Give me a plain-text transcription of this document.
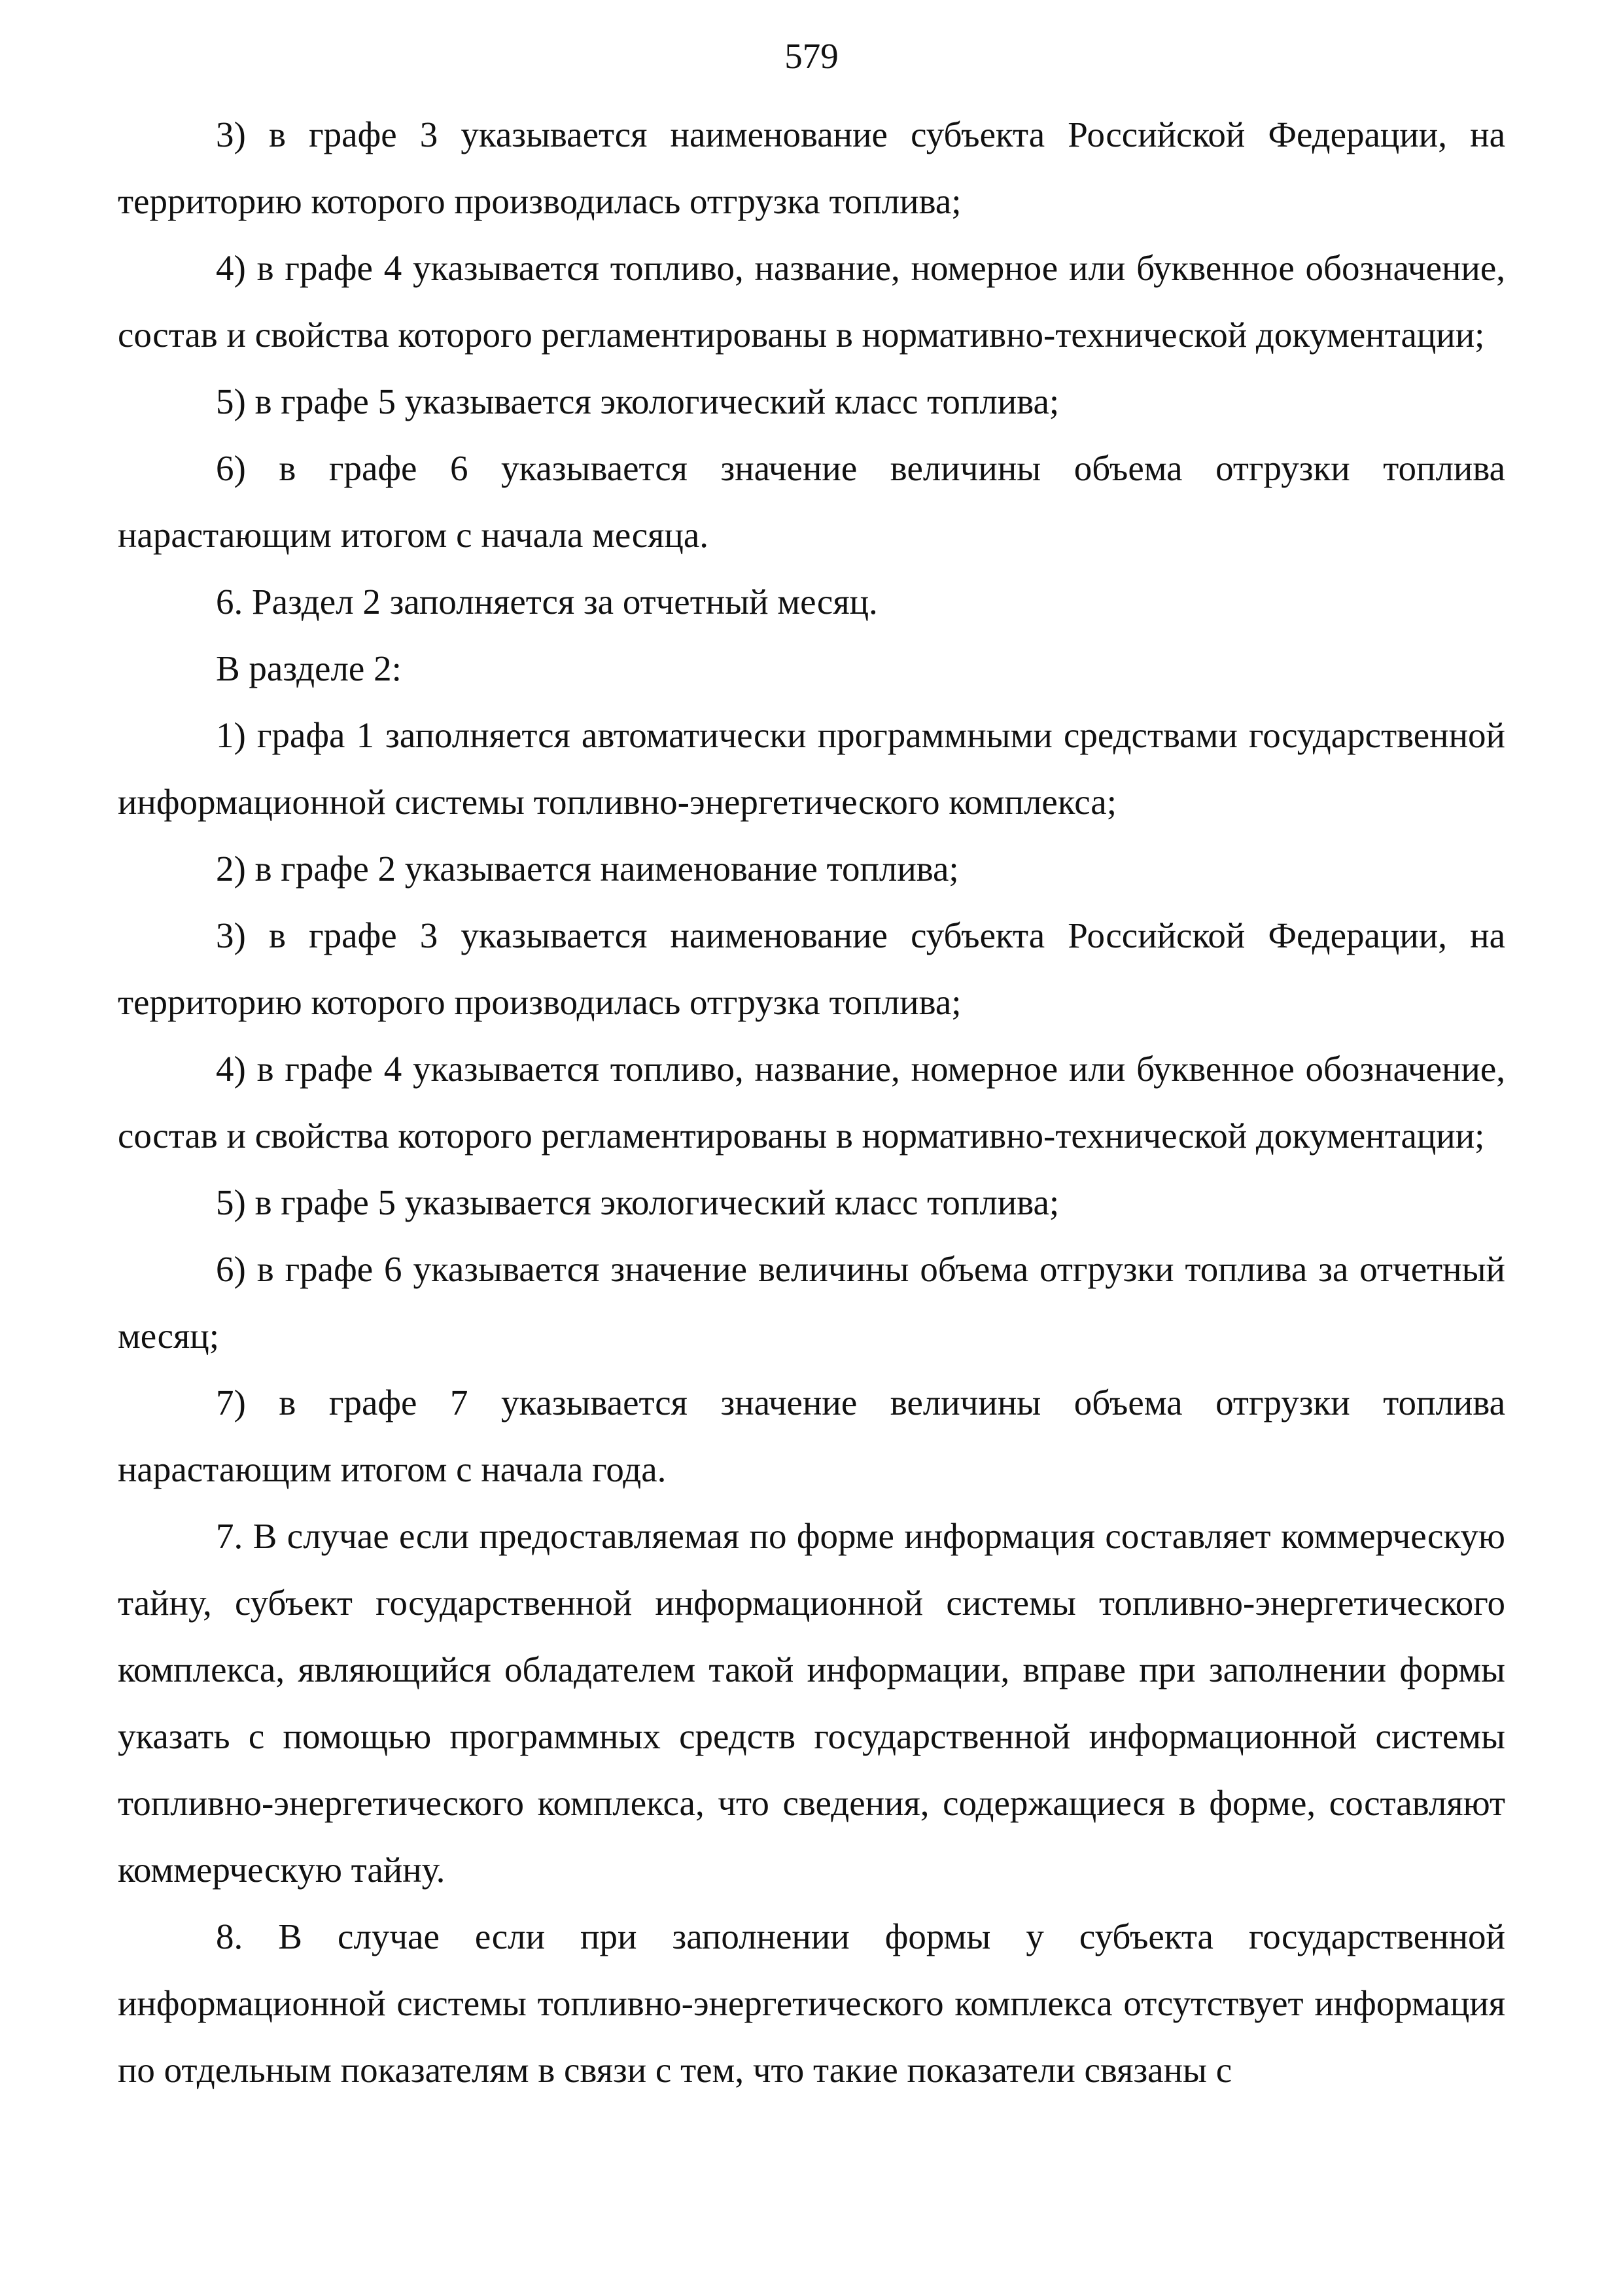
579

3) в графе 3 указывается наименование субъекта Российской Федерации, на территорию которого производилась отгрузка топлива;

4) в графе 4 указывается топливо, название, номерное или буквенное обозначение, состав и свойства которого регламентированы в нормативно-технической документации;

5) в графе 5 указывается экологический класс топлива;

6) в графе 6 указывается значение величины объема отгрузки топлива нарастающим итогом с начала месяца.

6. Раздел 2 заполняется за отчетный месяц.

В разделе 2:

1) графа 1 заполняется автоматически программными средствами государственной информационной системы топливно-энергетического комплекса;

2) в графе 2 указывается наименование топлива;

3) в графе 3 указывается наименование субъекта Российской Федерации, на территорию которого производилась отгрузка топлива;

4) в графе 4 указывается топливо, название, номерное или буквенное обозначение, состав и свойства которого регламентированы в нормативно-технической документации;

5) в графе 5 указывается экологический класс топлива;

6) в графе 6 указывается значение величины объема отгрузки топлива за отчетный месяц;

7) в графе 7 указывается значение величины объема отгрузки топлива нарастающим итогом с начала года.

7. В случае если предоставляемая по форме информация составляет коммерческую тайну, субъект государственной информационной системы топливно-энергетического комплекса, являющийся обладателем такой информации, вправе при заполнении формы указать с помощью программных средств государственной информационной системы топливно-энергетического комплекса, что сведения, содержащиеся в форме, составляют коммерческую тайну.

8. В случае если при заполнении формы у субъекта государственной информационной системы топливно-энергетического комплекса отсутствует информация по отдельным показателям в связи с тем, что такие показатели связаны с
